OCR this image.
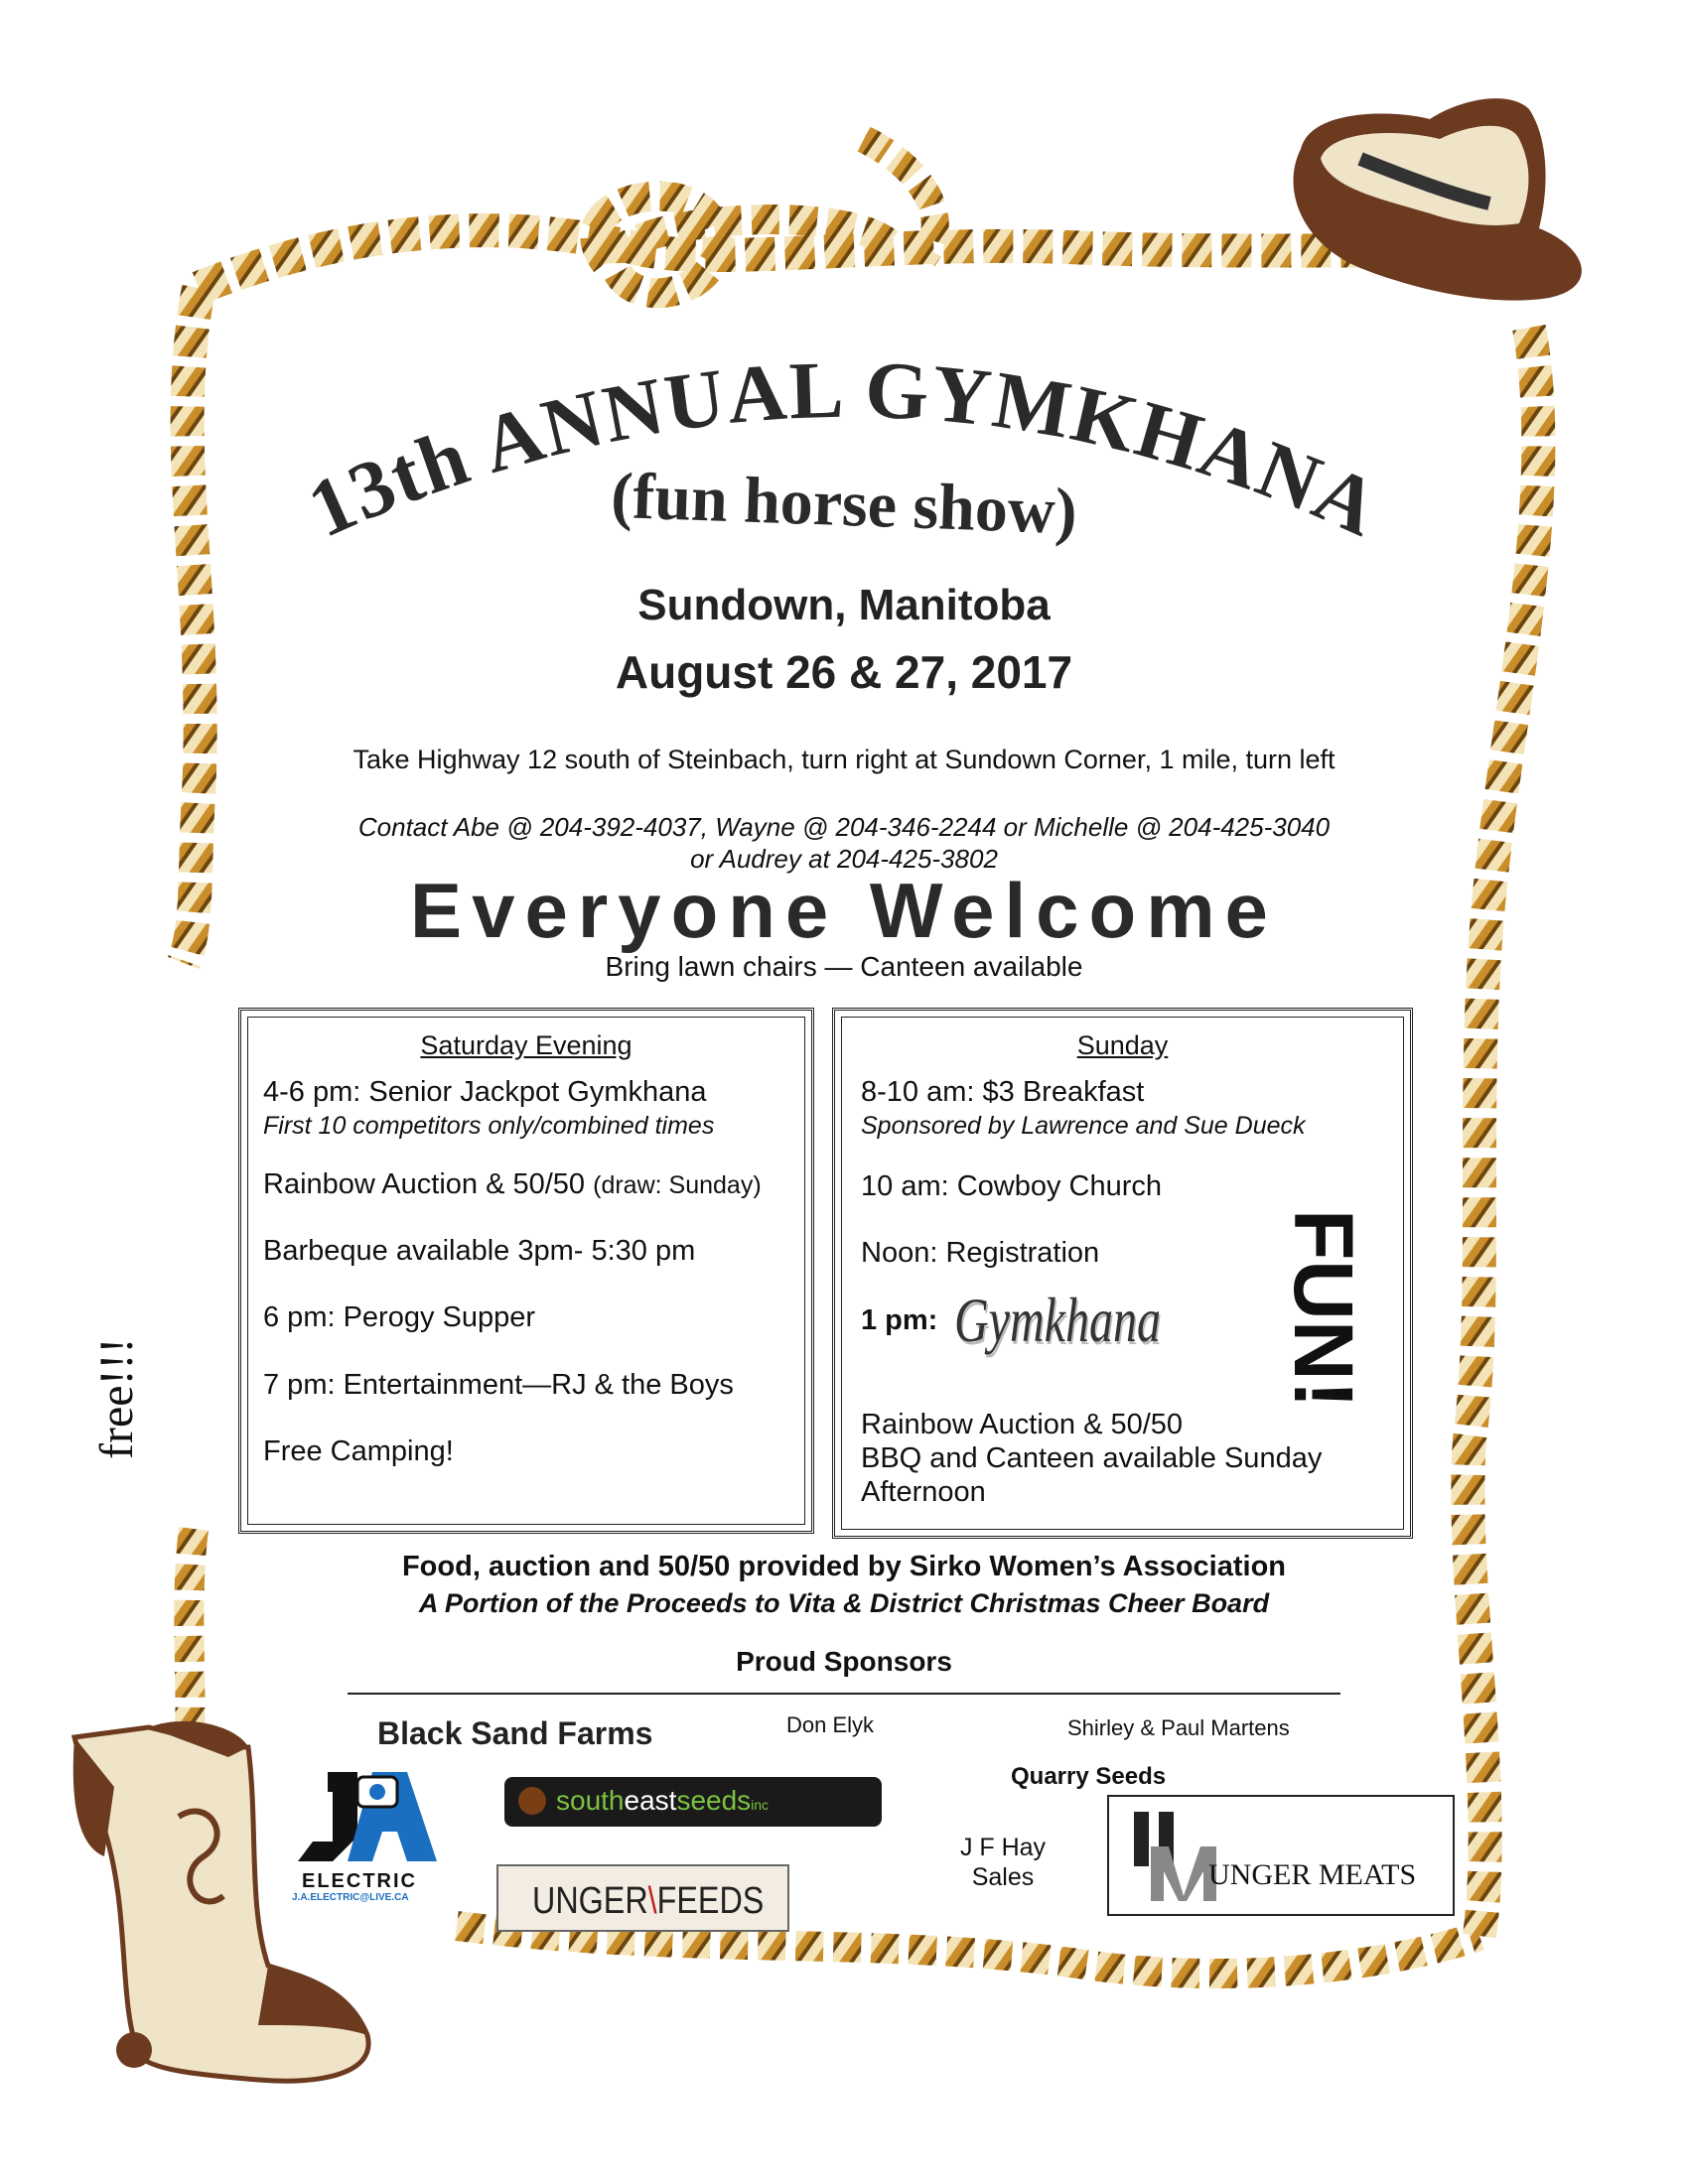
13th ANNUAL GYMKHANA
(fun horse show)
Sundown, Manitoba
August 26 & 27, 2017
Take Highway 12 south of Steinbach, turn right at Sundown Corner, 1 mile, turn left
Contact Abe @ 204-392-4037, Wayne @ 204-346-2244 or Michelle @ 204-425-3040
or Audrey at 204-425-3802
Everyone Welcome
Bring lawn chairs — Canteen available
free!!!
Saturday Evening
4-6 pm: Senior Jackpot Gymkhana
First 10 competitors only/combined times
Rainbow Auction & 50/50 (draw: Sunday)
Barbeque available 3pm- 5:30 pm
6 pm: Perogy Supper
7 pm: Entertainment—RJ & the Boys
Free Camping!
Sunday
8-10 am: $3 Breakfast
Sponsored by Lawrence and Sue Dueck
10 am: Cowboy Church
Noon: Registration
1 pm: Gymkhana
Rainbow Auction & 50/50
BBQ and Canteen available Sunday
Afternoon
FUN!
Food, auction and 50/50 provided by Sirko Women’s Association
A Portion of the Proceeds to Vita & District Christmas Cheer Board
Proud Sponsors
Black Sand Farms	Don Elyk	Shirley & Paul Martens
Quarry Seeds
J F Hay
Sales
ELECTRIC
J.A.ELECTRIC@LIVE.CA
southeastseedsinc
UNGER\FEEDS
UNGER MEATS
